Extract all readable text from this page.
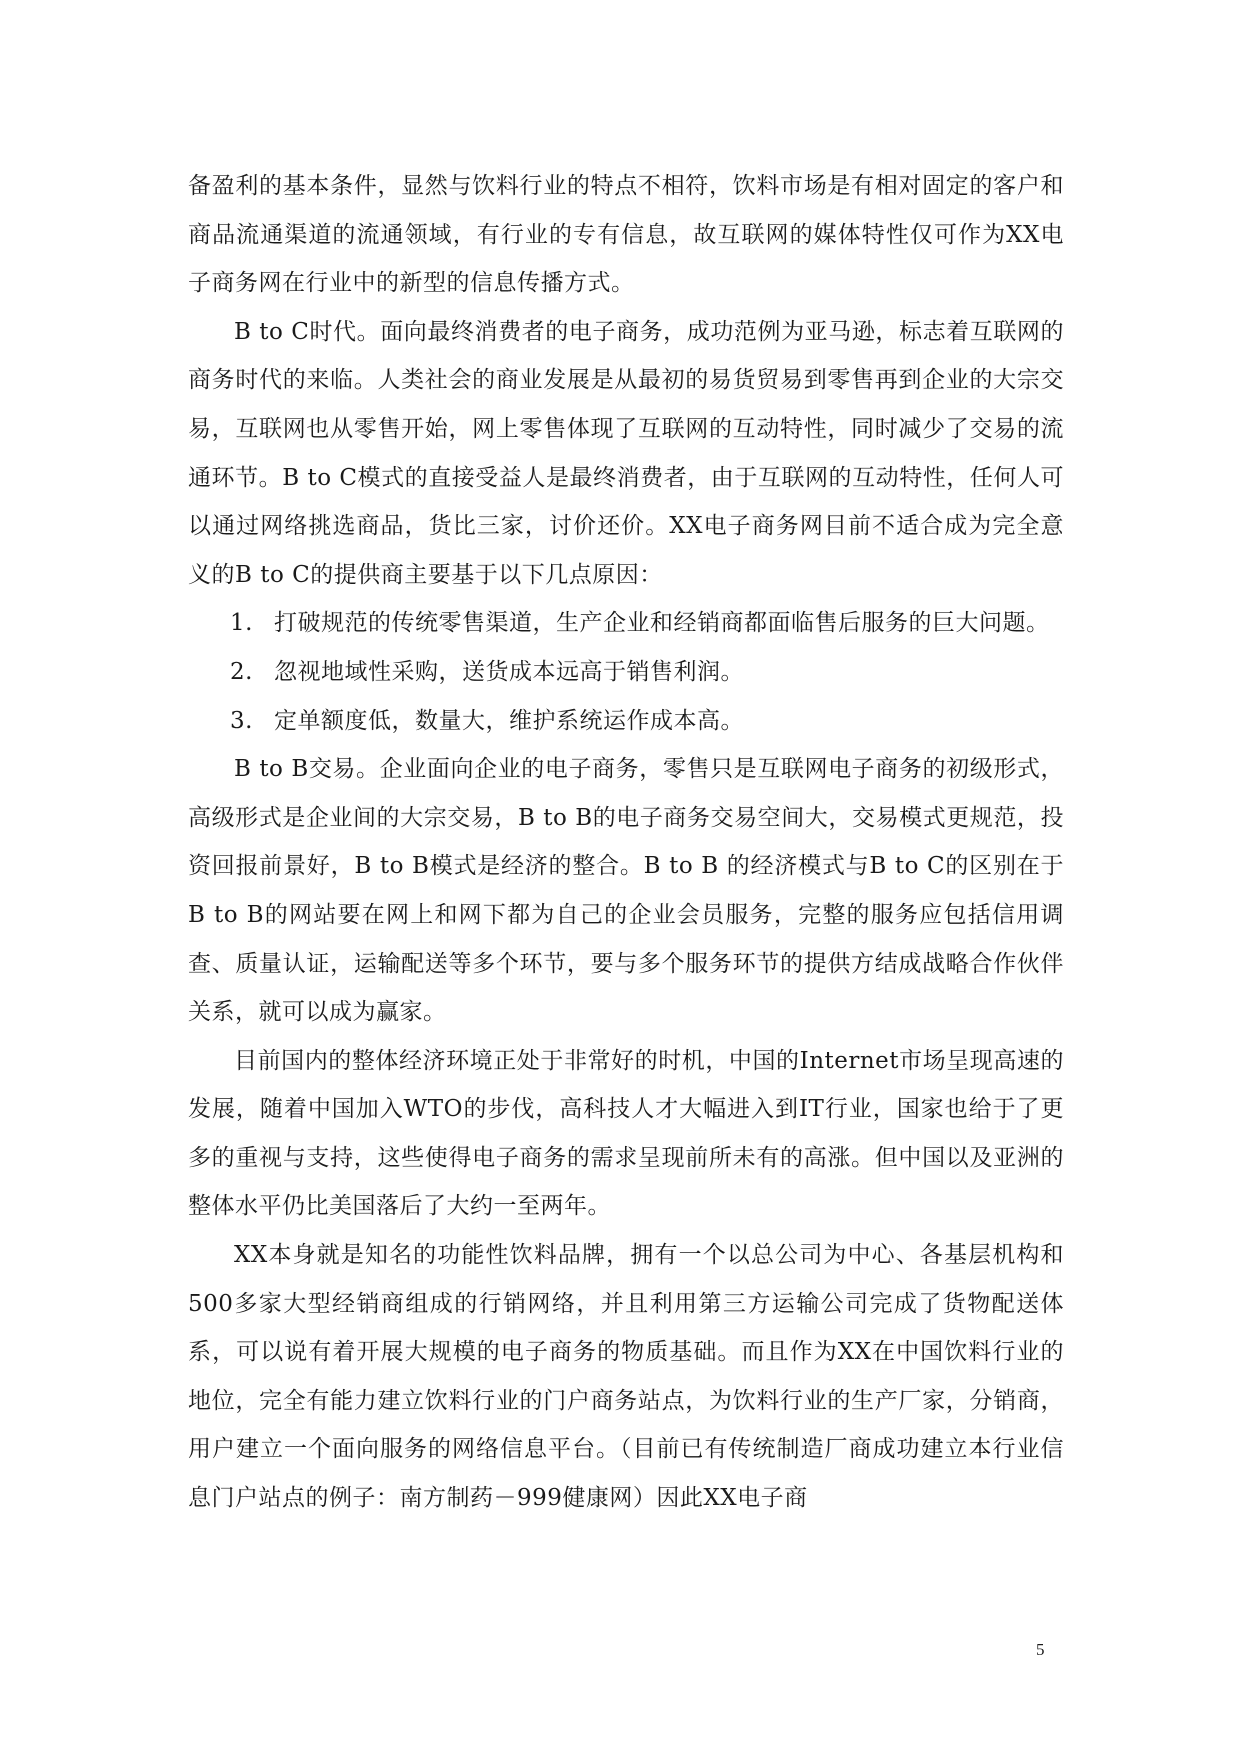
备盈利的基本条件，显然与饮料行业的特点不相符，饮料市场是有相对固定的客户和商品流通渠道的流通领域，有行业的专有信息，故互联网的媒体特性仅可作为XX电子商务网在行业中的新型的信息传播方式。

B to C时代。面向最终消费者的电子商务，成功范例为亚马逊，标志着互联网的商务时代的来临。人类社会的商业发展是从最初的易货贸易到零售再到企业的大宗交易，互联网也从零售开始，网上零售体现了互联网的互动特性，同时减少了交易的流通环节。B to C模式的直接受益人是最终消费者，由于互联网的互动特性，任何人可以通过网络挑选商品，货比三家，讨价还价。XX电子商务网目前不适合成为完全意义的B to C的提供商主要基于以下几点原因：

1. 打破规范的传统零售渠道，生产企业和经销商都面临售后服务的巨大问题。
2. 忽视地域性采购，送货成本远高于销售利润。
3. 定单额度低，数量大，维护系统运作成本高。

B to B交易。企业面向企业的电子商务，零售只是互联网电子商务的初级形式，高级形式是企业间的大宗交易，B to B的电子商务交易空间大，交易模式更规范，投资回报前景好，B to B模式是经济的整合。B to B 的经济模式与B to C的区别在于B to B的网站要在网上和网下都为自己的企业会员服务，完整的服务应包括信用调查、质量认证，运输配送等多个环节，要与多个服务环节的提供方结成战略合作伙伴关系，就可以成为赢家。

目前国内的整体经济环境正处于非常好的时机，中国的Internet市场呈现高速的发展，随着中国加入WTO的步伐，高科技人才大幅进入到IT行业，国家也给于了更多的重视与支持，这些使得电子商务的需求呈现前所未有的高涨。但中国以及亚洲的整体水平仍比美国落后了大约一至两年。

XX本身就是知名的功能性饮料品牌，拥有一个以总公司为中心、各基层机构和500多家大型经销商组成的行销网络，并且利用第三方运输公司完成了货物配送体系，可以说有着开展大规模的电子商务的物质基础。而且作为XX在中国饮料行业的地位，完全有能力建立饮料行业的门户商务站点，为饮料行业的生产厂家，分销商，用户建立一个面向服务的网络信息平台。（目前已有传统制造厂商成功建立本行业信息门户站点的例子：南方制药－999健康网）因此XX电子商

5
